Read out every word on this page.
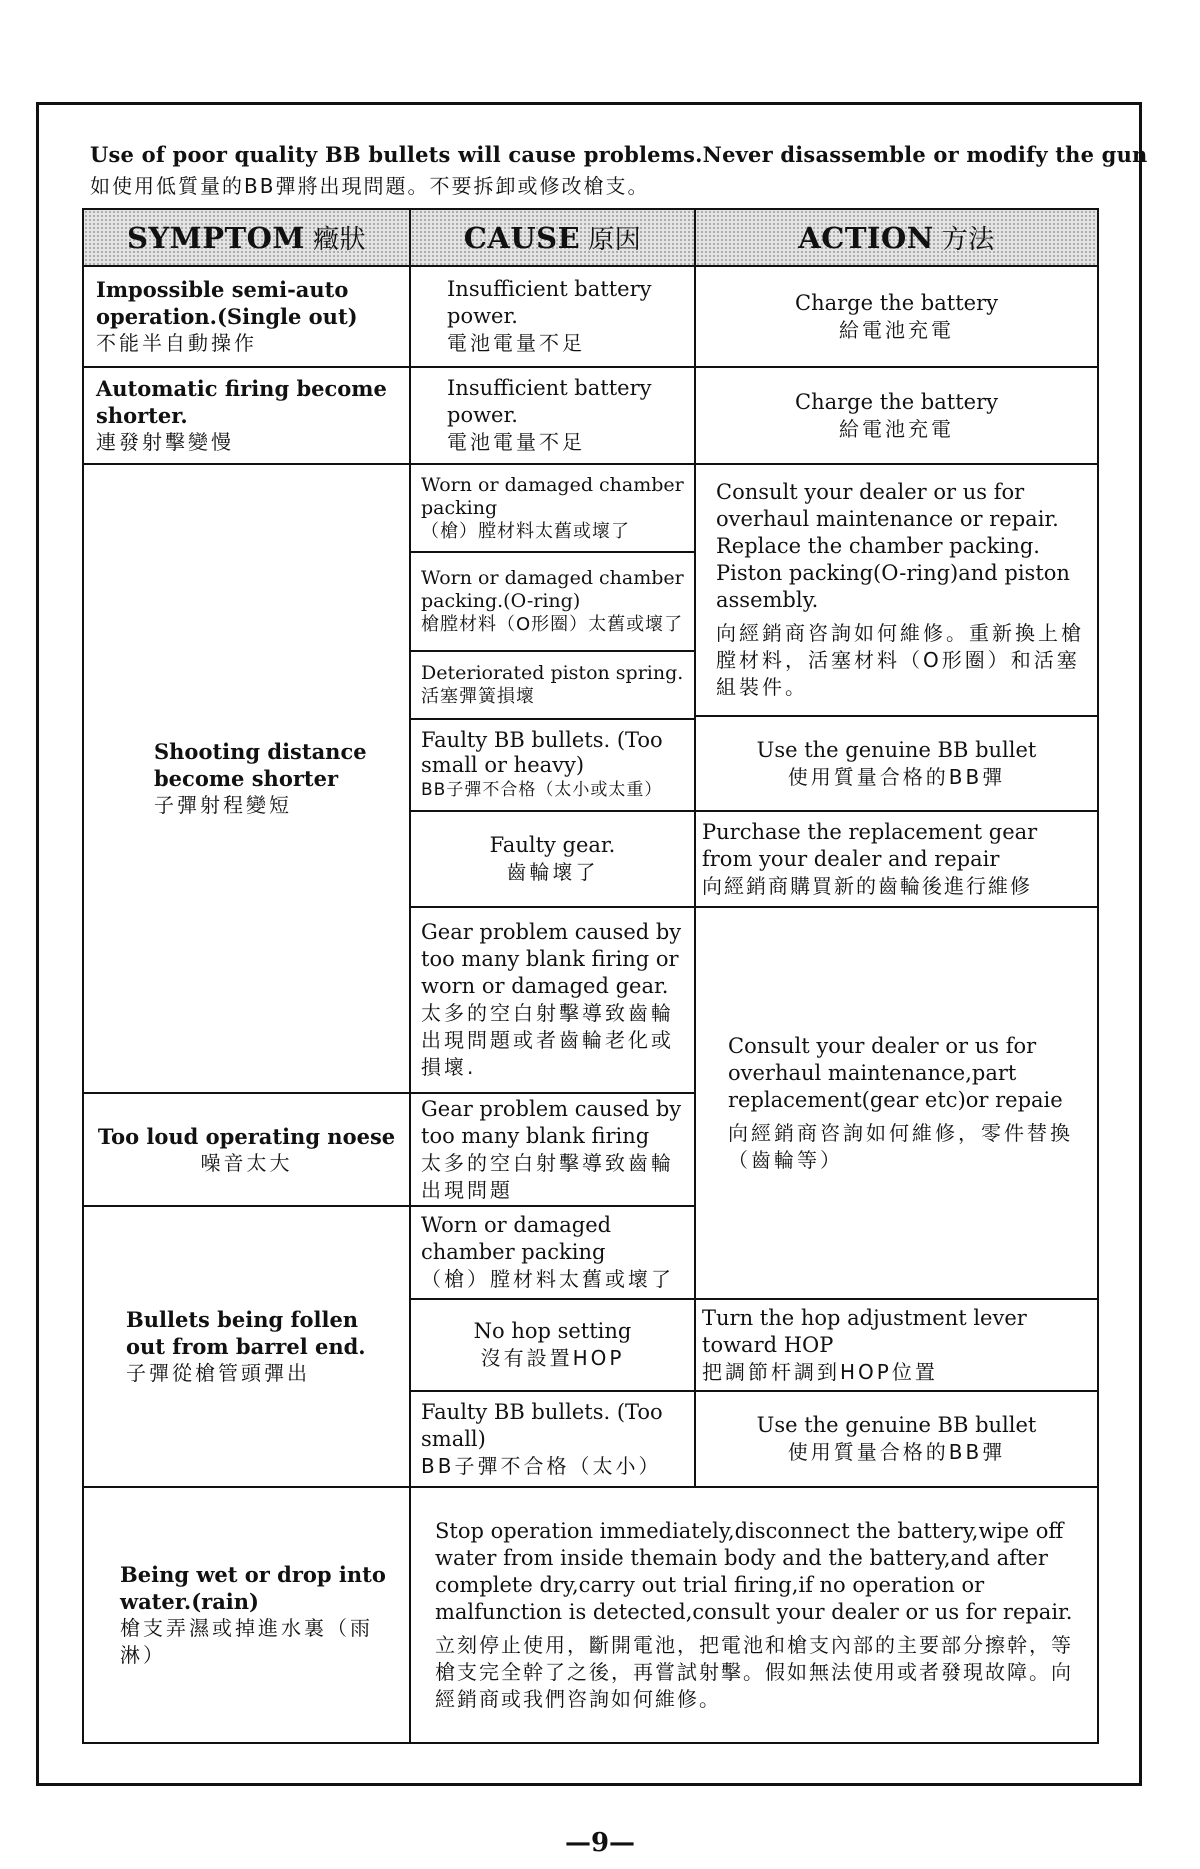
Use of poor quality BB bullets will cause problems.Never disassemble or modify the gun
如使用低質量的BB彈將出現問題。不要拆卸或修改槍支。
SYMPTOM 癥狀	CAUSE 原因	ACTION 方法
Impossible semi-auto operation.(Single out)
不能半自動操作
Insufficient battery power.
電池電量不足
Charge the battery
給電池充電
Automatic firing become shorter.
連發射擊變慢
Insufficient battery power.
電池電量不足
Charge the battery
給電池充電
Shooting distance become shorter
子彈射程變短
Worn or damaged chamber packing
（槍）膛材料太舊或壞了
Worn or damaged chamber packing.(O-ring)
槍膛材料（O形圈）太舊或壞了
Deteriorated piston spring.
活塞彈簧損壞
Faulty BB bullets. (Too small or heavy)
BB子彈不合格（太小或太重）
Faulty gear.
齒輪壞了
Consult your dealer or us for overhaul maintenance or repair. Replace the chamber packing. Piston packing(O-ring)and piston assembly.
向經銷商咨詢如何維修。重新換上槍膛材料，活塞材料（O形圈）和活塞組裝件。
Use the genuine BB bullet
使用質量合格的BB彈
Purchase the replacement gear from your dealer and repair
向經銷商購買新的齒輪後進行維修
Gear problem caused by too many blank firing or worn or damaged gear.
太多的空白射擊導致齒輪出現問題或者齒輪老化或損壞.
Consult your dealer or us for overhaul maintenance,part replacement(gear etc)or repaie
向經銷商咨詢如何維修，零件替換（齒輪等）
Too loud operating noese
噪音太大
Gear problem caused by too many blank firing
太多的空白射擊導致齒輪出現問題
Bullets being follen out from barrel end.
子彈從槍管頭彈出
Worn or damaged chamber packing
（槍）膛材料太舊或壞了
No hop setting
沒有設置HOP
Faulty BB bullets. (Too small)
BB子彈不合格（太小）
Turn the hop adjustment lever toward HOP
把調節杆調到HOP位置
Use the genuine BB bullet
使用質量合格的BB彈
Being wet or drop into water.(rain)
槍支弄濕或掉進水裏（雨淋）
Stop operation immediately,disconnect the battery,wipe off water from inside themain body and the battery,and after complete dry,carry out trial firing,if no operation or malfunction is detected,consult your dealer or us for repair.
立刻停止使用，斷開電池，把電池和槍支內部的主要部分擦幹，等槍支完全幹了之後，再嘗試射擊。假如無法使用或者發現故障。向經銷商或我們咨詢如何維修。
—9—
